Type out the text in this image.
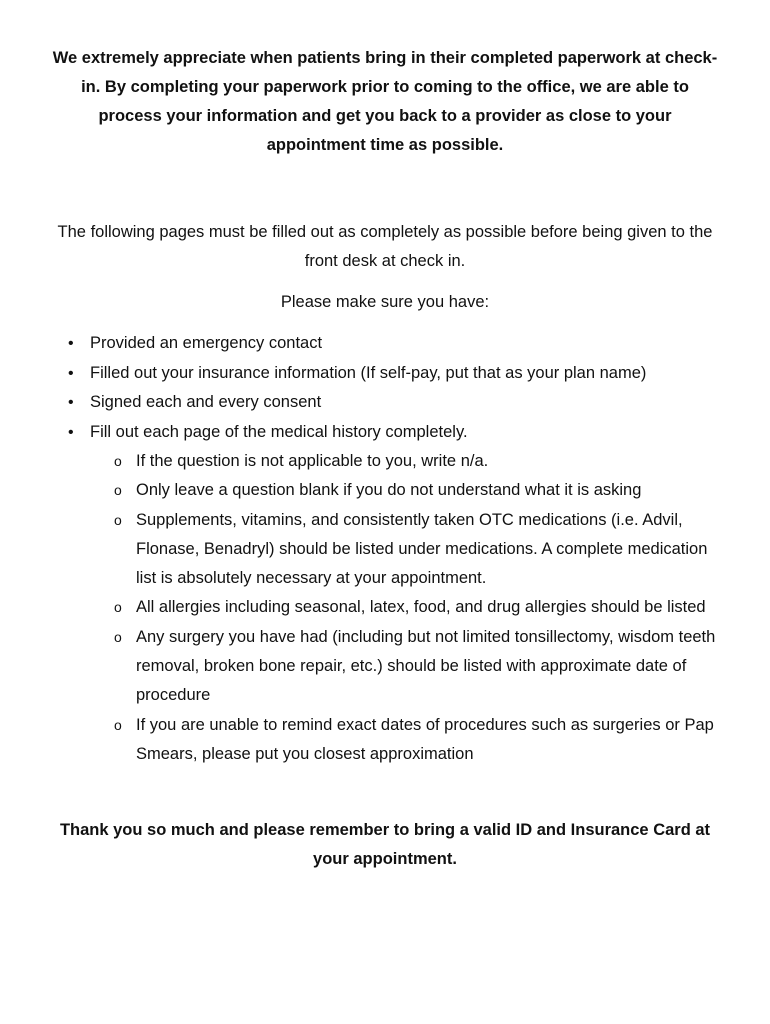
We extremely appreciate when patients bring in their completed paperwork at check-in. By completing your paperwork prior to coming to the office, we are able to process your information and get you back to a provider as close to your appointment time as possible.

The following pages must be filled out as completely as possible before being given to the front desk at check in.

Please make sure you have:

• Provided an emergency contact
• Filled out your insurance information (If self-pay, put that as your plan name)
• Signed each and every consent
• Fill out each page of the medical history completely.
o If the question is not applicable to you, write n/a.
o Only leave a question blank if you do not understand what it is asking
o Supplements, vitamins, and consistently taken OTC medications (i.e. Advil, Flonase, Benadryl) should be listed under medications. A complete medication list is absolutely necessary at your appointment.
o All allergies including seasonal, latex, food, and drug allergies should be listed
o Any surgery you have had (including but not limited tonsillectomy, wisdom teeth removal, broken bone repair, etc.) should be listed with approximate date of procedure
o If you are unable to remind exact dates of procedures such as surgeries or Pap Smears, please put you closest approximation

Thank you so much and please remember to bring a valid ID and Insurance Card at your appointment.
